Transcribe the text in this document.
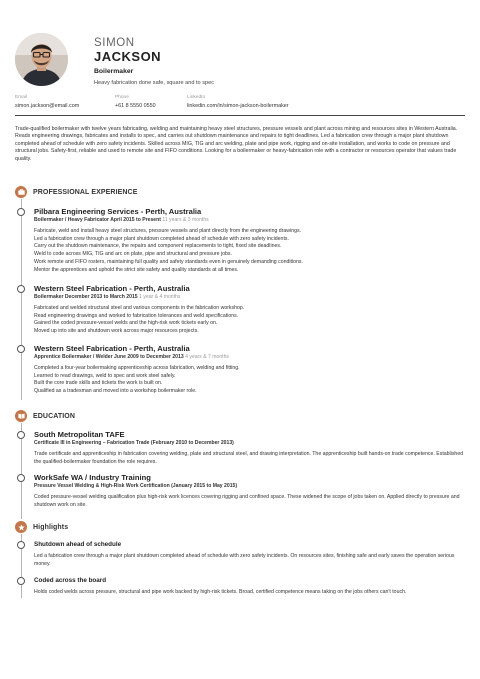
SIMON
JACKSON
Boilermaker
Heavy fabrication done safe, square and to spec
Email
simon.jackson@email.com
Phone
+61 8 5550 0550
LinkedIn
linkedin.com/in/simon-jackson-boilermaker
Trade-qualified boilermaker with twelve years fabricating, welding and maintaining heavy steel structures, pressure vessels and plant across mining and resources sites in Western Australia. Reads engineering drawings, fabricates and installs to spec, and carries out shutdown maintenance and repairs to tight deadlines. Led a fabrication crew through a major plant shutdown completed ahead of schedule with zero safety incidents. Skilled across MIG, TIG and arc welding, plate and pipe work, rigging and on-site installation, and works to code on pressure and structural jobs. Safety-first, reliable and used to remote site and FIFO conditions. Looking for a boilermaker or heavy-fabrication role with a contractor or resources operator that values trade quality.
PROFESSIONAL EXPERIENCE
Pilbara Engineering Services - Perth, Australia
Boilermaker / Heavy Fabricator April 2015 to Present 11 years & 3 months
Fabricate, weld and install heavy steel structures, pressure vessels and plant directly from the engineering drawings.
Led a fabrication crew through a major plant shutdown completed ahead of schedule with zero safety incidents.
Carry out the shutdown maintenance, the repairs and component replacements to tight, fixed site deadlines.
Weld to code across MIG, TIG and arc on plate, pipe and structural and pressure jobs.
Work remote and FIFO rosters, maintaining full quality and safety standards even in genuinely demanding conditions.
Mentor the apprentices and uphold the strict site safety and quality standards at all times.
Western Steel Fabrication - Perth, Australia
Boilermaker December 2013 to March 2015 1 year & 4 months
Fabricated and welded structural steel and various components in the fabrication workshop.
Read engineering drawings and worked to fabrication tolerances and weld specifications.
Gained the coded pressure-vessel welds and the high-risk work tickets early on.
Moved up into site and shutdown work across major resources projects.
Western Steel Fabrication - Perth, Australia
Apprentice Boilermaker / Welder June 2009 to December 2013 4 years & 7 months
Completed a four-year boilermaking apprenticeship across fabrication, welding and fitting.
Learned to read drawings, weld to spec and work steel safely.
Built the core trade skills and tickets the work is built on.
Qualified as a tradesman and moved into a workshop boilermaker role.
EDUCATION
South Metropolitan TAFE
Certificate III in Engineering – Fabrication Trade (February 2010 to December 2013)
Trade certificate and apprenticeship in fabrication covering welding, plate and structural steel, and drawing interpretation. The apprenticeship built hands-on trade competence. Established the qualified-boilermaker foundation the role requires.
WorkSafe WA / Industry Training
Pressure Vessel Welding & High-Risk Work Certification (January 2015 to May 2015)
Coded pressure-vessel welding qualification plus high-risk work licences covering rigging and confined space. These widened the scope of jobs taken on. Applied directly to pressure and shutdown work on site.
Highlights
Shutdown ahead of schedule
Led a fabrication crew through a major plant shutdown completed ahead of schedule with zero safety incidents. On resources sites, finishing safe and early saves the operation serious money.
Coded across the board
Holds coded welds across pressure, structural and pipe work backed by high-risk tickets. Broad, certified competence means taking on the jobs others can't touch.
